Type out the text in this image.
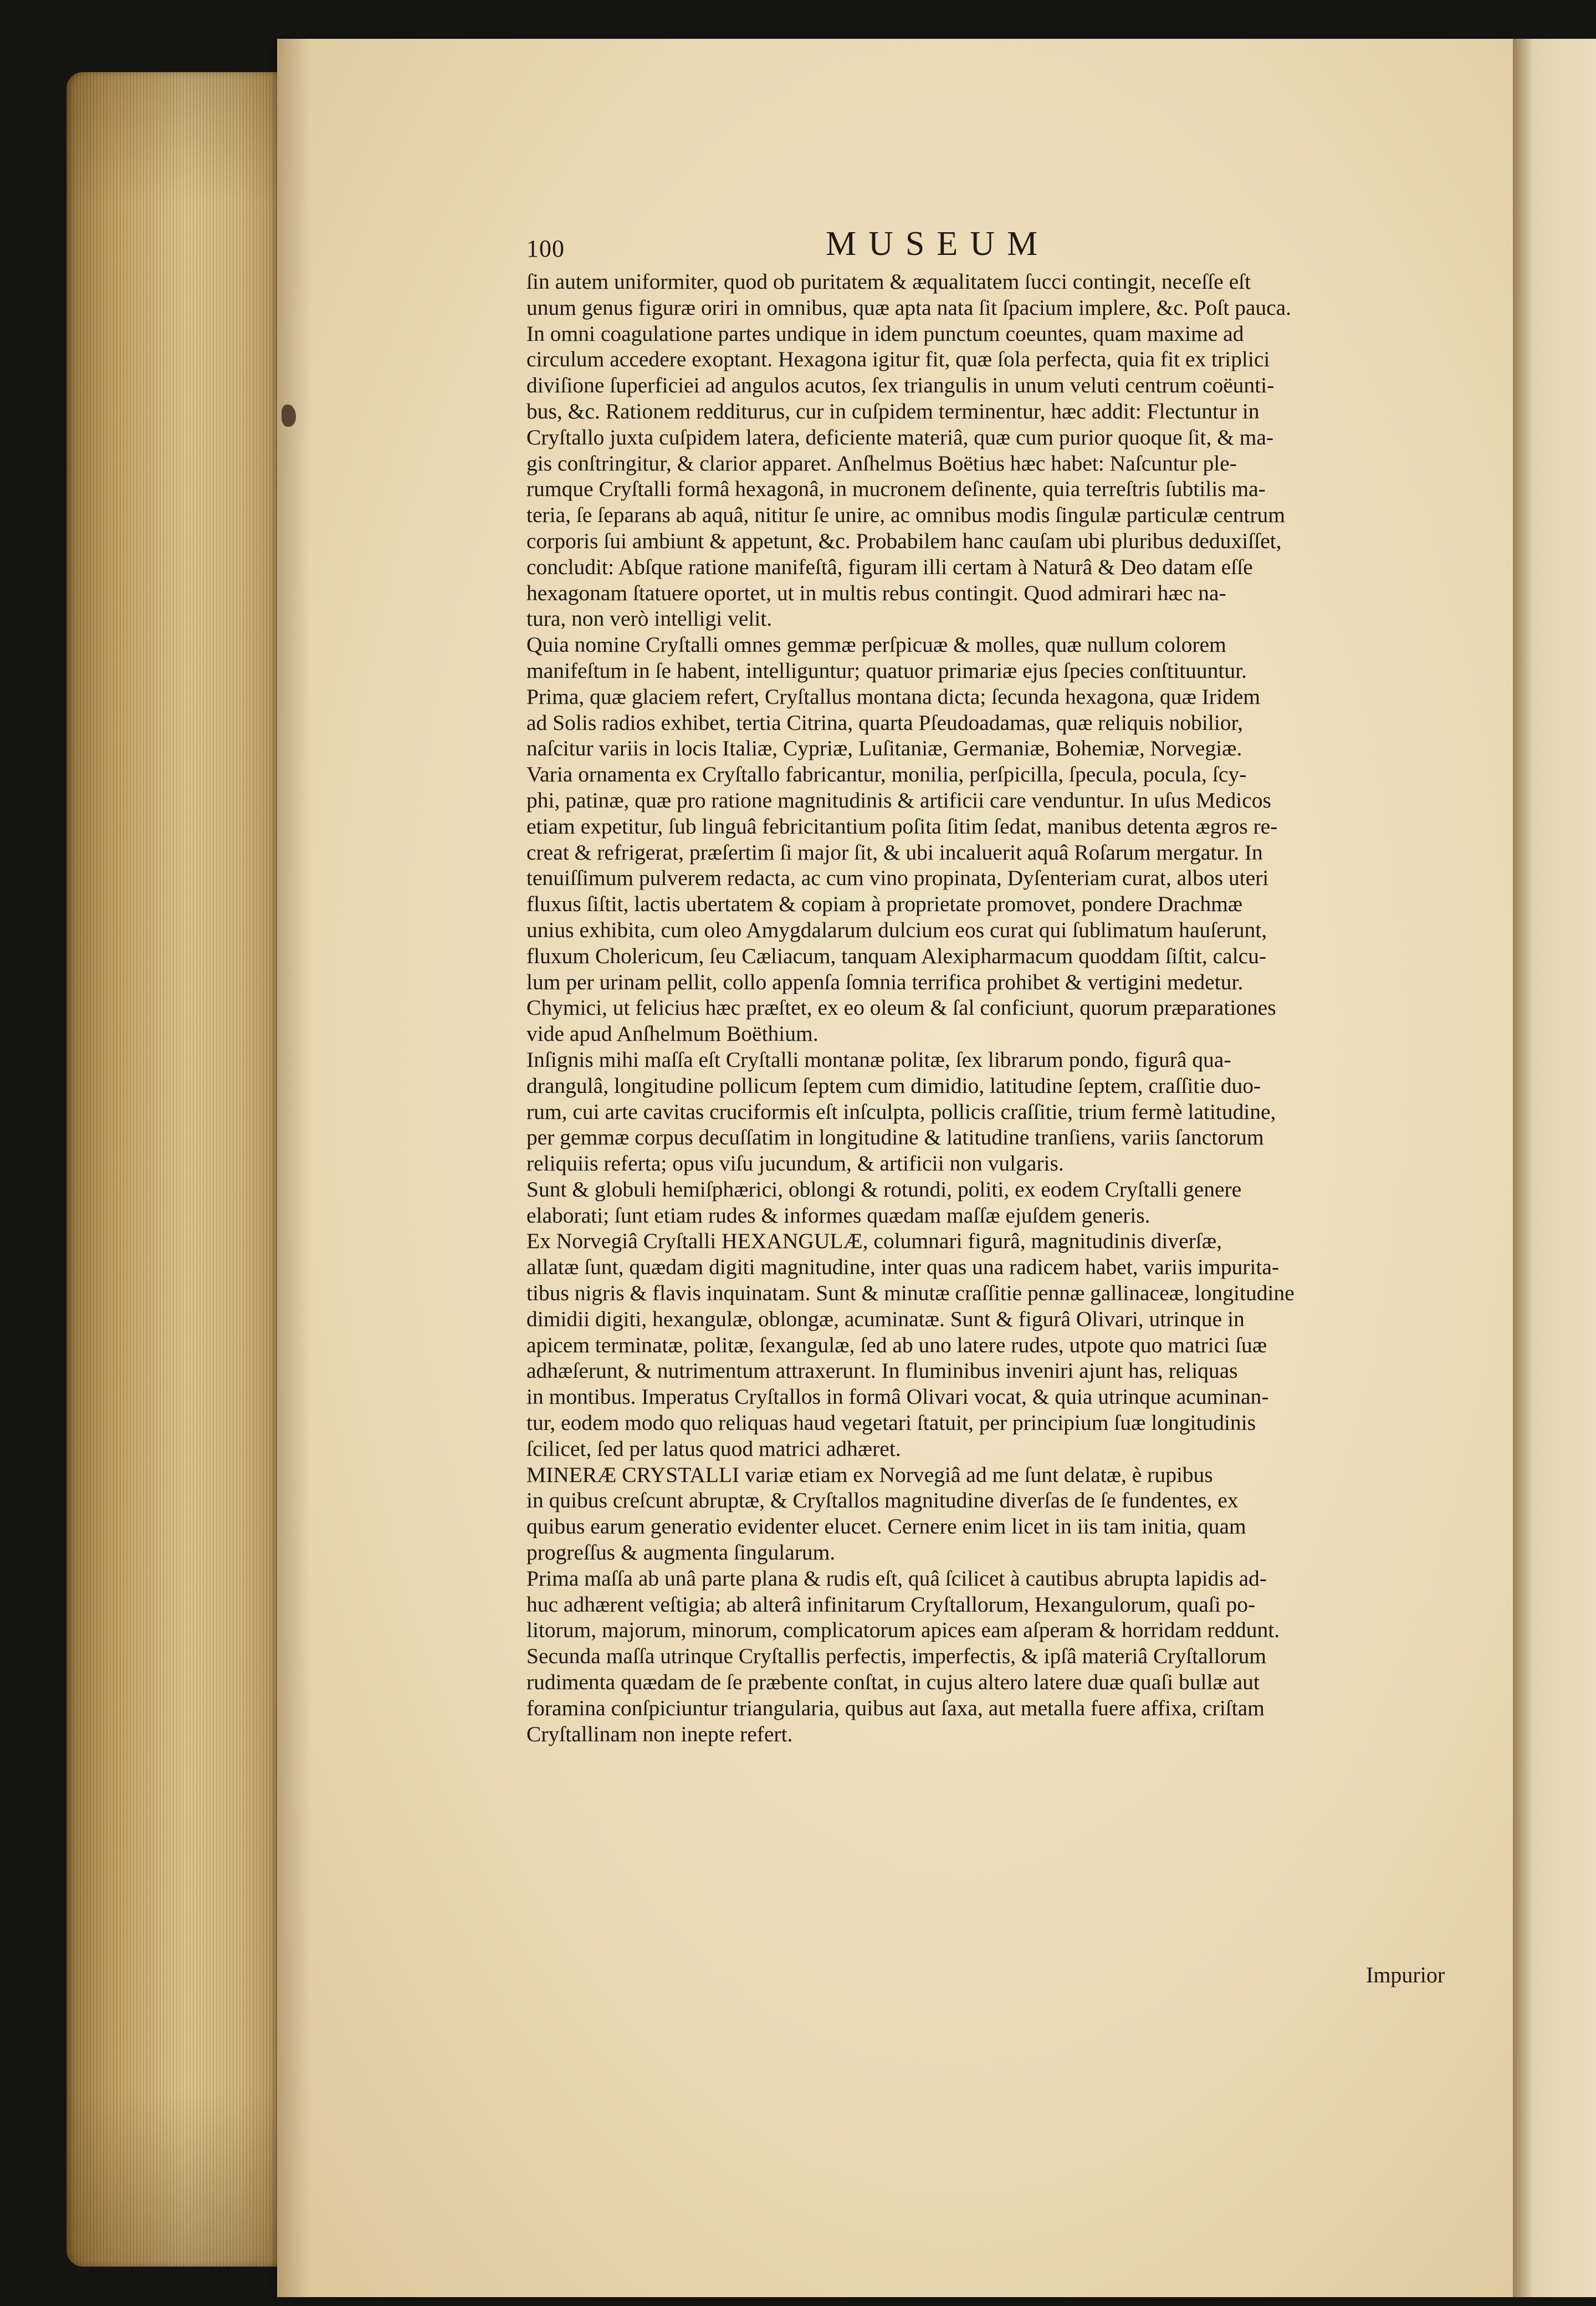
100	MUSEUM
ſin autem uniformiter, quod ob puritatem & æqualitatem ſucci contingit, neceſſe eſt
unum genus figuræ oriri in omnibus, quæ apta nata ſit ſpacium implere, &c. Poſt pauca.
In omni coagulatione partes undique in idem punctum coeuntes, quam maxime ad
circulum accedere exoptant. Hexagona igitur fit, quæ ſola perfecta, quia fit ex triplici
diviſione ſuperficiei ad angulos acutos, ſex triangulis in unum veluti centrum coëunti-
bus, &c. Rationem redditurus, cur in cuſpidem terminentur, hæc addit: Flectuntur in
Cryſtallo juxta cuſpidem latera, deficiente materiâ, quæ cum purior quoque ſit, & ma-
gis conſtringitur, & clarior apparet. Anſhelmus Boëtius hæc habet: Naſcuntur ple-
rumque Cryſtalli formâ hexagonâ, in mucronem deſinente, quia terreſtris ſubtilis ma-
teria, ſe ſeparans ab aquâ, nititur ſe unire, ac omnibus modis ſingulæ particulæ centrum
corporis ſui ambiunt & appetunt, &c. Probabilem hanc cauſam ubi pluribus deduxiſſet,
concludit: Abſque ratione manifeſtâ, figuram illi certam à Naturâ & Deo datam eſſe
hexagonam ſtatuere oportet, ut in multis rebus contingit. Quod admirari hæc na-
tura, non verò intelligi velit.
Quia nomine Cryſtalli omnes gemmæ perſpicuæ & molles, quæ nullum colorem
manifeſtum in ſe habent, intelliguntur; quatuor primariæ ejus ſpecies conſtituuntur.
Prima, quæ glaciem refert, Cryſtallus montana dicta; ſecunda hexagona, quæ Iridem
ad Solis radios exhibet, tertia Citrina, quarta Pſeudoadamas, quæ reliquis nobilior,
naſcitur variis in locis Italiæ, Cypriæ, Luſitaniæ, Germaniæ, Bohemiæ, Norvegiæ.
Varia ornamenta ex Cryſtallo fabricantur, monilia, perſpicilla, ſpecula, pocula, ſcy-
phi, patinæ, quæ pro ratione magnitudinis & artificii care venduntur. In uſus Medicos
etiam expetitur, ſub linguâ febricitantium poſita ſitim ſedat, manibus detenta ægros re-
creat & refrigerat, præſertim ſi major ſit, & ubi incaluerit aquâ Roſarum mergatur. In
tenuiſſimum pulverem redacta, ac cum vino propinata, Dyſenteriam curat, albos uteri
fluxus ſiſtit, lactis ubertatem & copiam à proprietate promovet, pondere Drachmæ
unius exhibita, cum oleo Amygdalarum dulcium eos curat qui ſublimatum hauſerunt,
fluxum Cholericum, ſeu Cæliacum, tanquam Alexipharmacum quoddam ſiſtit, calcu-
lum per urinam pellit, collo appenſa ſomnia terrifica prohibet & vertigini medetur.
Chymici, ut felicius hæc præſtet, ex eo oleum & ſal conficiunt, quorum præparationes
vide apud Anſhelmum Boëthium.
Inſignis mihi maſſa eſt Cryſtalli montanæ politæ, ſex librarum pondo, figurâ qua-
drangulâ, longitudine pollicum ſeptem cum dimidio, latitudine ſeptem, craſſitie duo-
rum, cui arte cavitas cruciformis eſt inſculpta, pollicis craſſitie, trium fermè latitudine,
per gemmæ corpus decuſſatim in longitudine & latitudine tranſiens, variis ſanctorum
reliquiis referta; opus viſu jucundum, & artificii non vulgaris.
Sunt & globuli hemiſphærici, oblongi & rotundi, politi, ex eodem Cryſtalli genere
elaborati; ſunt etiam rudes & informes quædam maſſæ ejuſdem generis.
Ex Norvegiâ Cryſtalli HEXANGULÆ, columnari figurâ, magnitudinis diverſæ,
allatæ ſunt, quædam digiti magnitudine, inter quas una radicem habet, variis impurita-
tibus nigris & flavis inquinatam. Sunt & minutæ craſſitie pennæ gallinaceæ, longitudine
dimidii digiti, hexangulæ, oblongæ, acuminatæ. Sunt & figurâ Olivari, utrinque in
apicem terminatæ, politæ, ſexangulæ, ſed ab uno latere rudes, utpote quo matrici ſuæ
adhæſerunt, & nutrimentum attraxerunt. In fluminibus inveniri ajunt has, reliquas
in montibus. Imperatus Cryſtallos in formâ Olivari vocat, & quia utrinque acuminan-
tur, eodem modo quo reliquas haud vegetari ſtatuit, per principium ſuæ longitudinis
ſcilicet, ſed per latus quod matrici adhæret.
MINERÆ CRYSTALLI variæ etiam ex Norvegiâ ad me ſunt delatæ, è rupibus
in quibus creſcunt abruptæ, & Cryſtallos magnitudine diverſas de ſe fundentes, ex
quibus earum generatio evidenter elucet. Cernere enim licet in iis tam initia, quam
progreſſus & augmenta ſingularum.
Prima maſſa ab unâ parte plana & rudis eſt, quâ ſcilicet à cautibus abrupta lapidis ad-
huc adhærent veſtigia; ab alterâ infinitarum Cryſtallorum, Hexangulorum, quaſi po-
litorum, majorum, minorum, complicatorum apices eam aſperam & horridam reddunt.
Secunda maſſa utrinque Cryſtallis perfectis, imperfectis, & ipſâ materiâ Cryſtallorum
rudimenta quædam de ſe præbente conſtat, in cujus altero latere duæ quaſi bullæ aut
foramina conſpiciuntur triangularia, quibus aut ſaxa, aut metalla fuere affixa, criſtam
Cryſtallinam non inepte refert.
Impurior
